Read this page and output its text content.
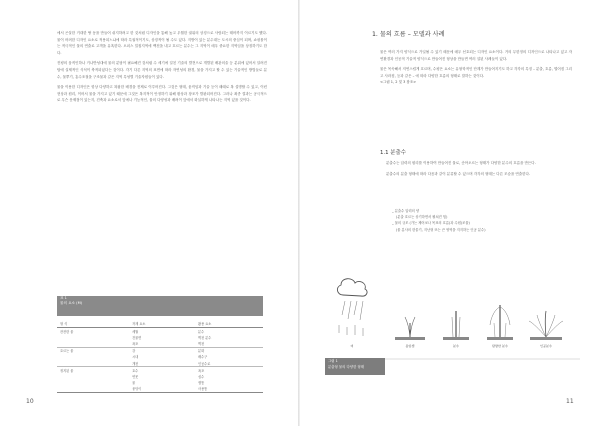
에서 곤살한 거대한 땅 동을 만들어 쉬지하려고 한 것처럼 디자인을 통해 높고 우월한 권위의 상징으로 사람되는 태어까지 이르기도 했다. 물이 어려한 디자인 요소로 적용되느냐에 따라 특권적이기도, 상징적이 될 수도 있다. 지방이 있는 분수대는 도시의 중심이 되며, 쇼핑몰이는 적극적인 물의 연출로 고객을 유혹한다. 오피스 밀집지역에 백천을 내고 흐르는 분수는 그 지역이 매우 중요한 지역임을 상징하기도 한다.

진평의 움직인하나 거나반성대에 물의 분담이 필요해진 것처럼 수 세기에 걸친 기술의 발전으로 개발된 배관의술 등 분위에 있어서 알려진 탑에 실제적인 식석이 축적되었다는 것이다. 각기 다른 지역의 표면에 따라 자연성의 환경, 물을 가지고 할 수 있는 기술적인 방법들로 분수, 물뿌기, 흥수조절을 구조물과 같은 지역 특성별 기술자원들이 있다.

물을 이용한 디자인은 항상 다양하고 복잡한 배경을 전제로 이루어진다. 그것은 형태, 움직임과 기술 등이 때때로 복 설명할 수 있고, 이런 현상과 원리, 이어서 물을 가지고 있기 때문에 그것은 복지적이 안정하기 위해 환상과 창조가 발판되어진다. 그러나 최종 결과는 공극적으로 무슨 문제점이 있는지, 건축과 요소로서 앞에나 기능적인, 물의 다양성과 배려이 앞에서 화실하게 나타나는 지역 있을 것이다.

표 1
물의 요소 (M)
형 식	자재 요소	활용 요소
잔잔한 물	세월	분수
	건물면	벽천 분수
	폭포	벽천
흐르는 물	강	분화
	시내	배수구
	개천	인공수로
정지된 물	호수	폭포
	연못	심수
	물	샘통
	웅덩이	사용통
10
1. 물의 흐름 – 모델과 사례

물은 여러 가지 양식으로 가일될 수 있기 때문에 매우 선호되는 디자인 요소이다. 거의 무한정의 디자인으로 나타나고 있고 자연환경과 인공적 기술적 양식으로 만들어진 형상을 만들면 여러 설된 사례들이 있다.

물은 목속해서 저연스럽게 흐르며, 수평은 요소는 유형학적인 단계가 만들어지기도 하고 각각의 특징 – 분출, 흐름, 떨어짐 그리고 사라짐, 등과 같은 – 에 따라 다양한 흐름의 형태로 말하는 것이다.

<그림 1, 2 및 3 참조>

1.1 분출수

분출수는 압력의 원리를 이용하여 만들어진 물로, 솟아오르는 형태가 다양한 분수의 흐름을 만든다.

분출수의 분출 형태에 따라 다음과 같이 분류할 수 있으며 각각의 형태는 다른 모습을 연출한다.

_ 분출수 압력의 양
(분출 흐르는 상기하면서 펼쳐진 힘)
_ 물의 규모 (가는 제어코나 목표의 흐름)과 수원(조물)
(물 분사의 한울기, 지난형 또는 큰 영역을 지지하는 인공 분수)
비	용암샘	분수	탐방한 분수	인공분수
그림 1
분출형 물의 다양한 형태
11
